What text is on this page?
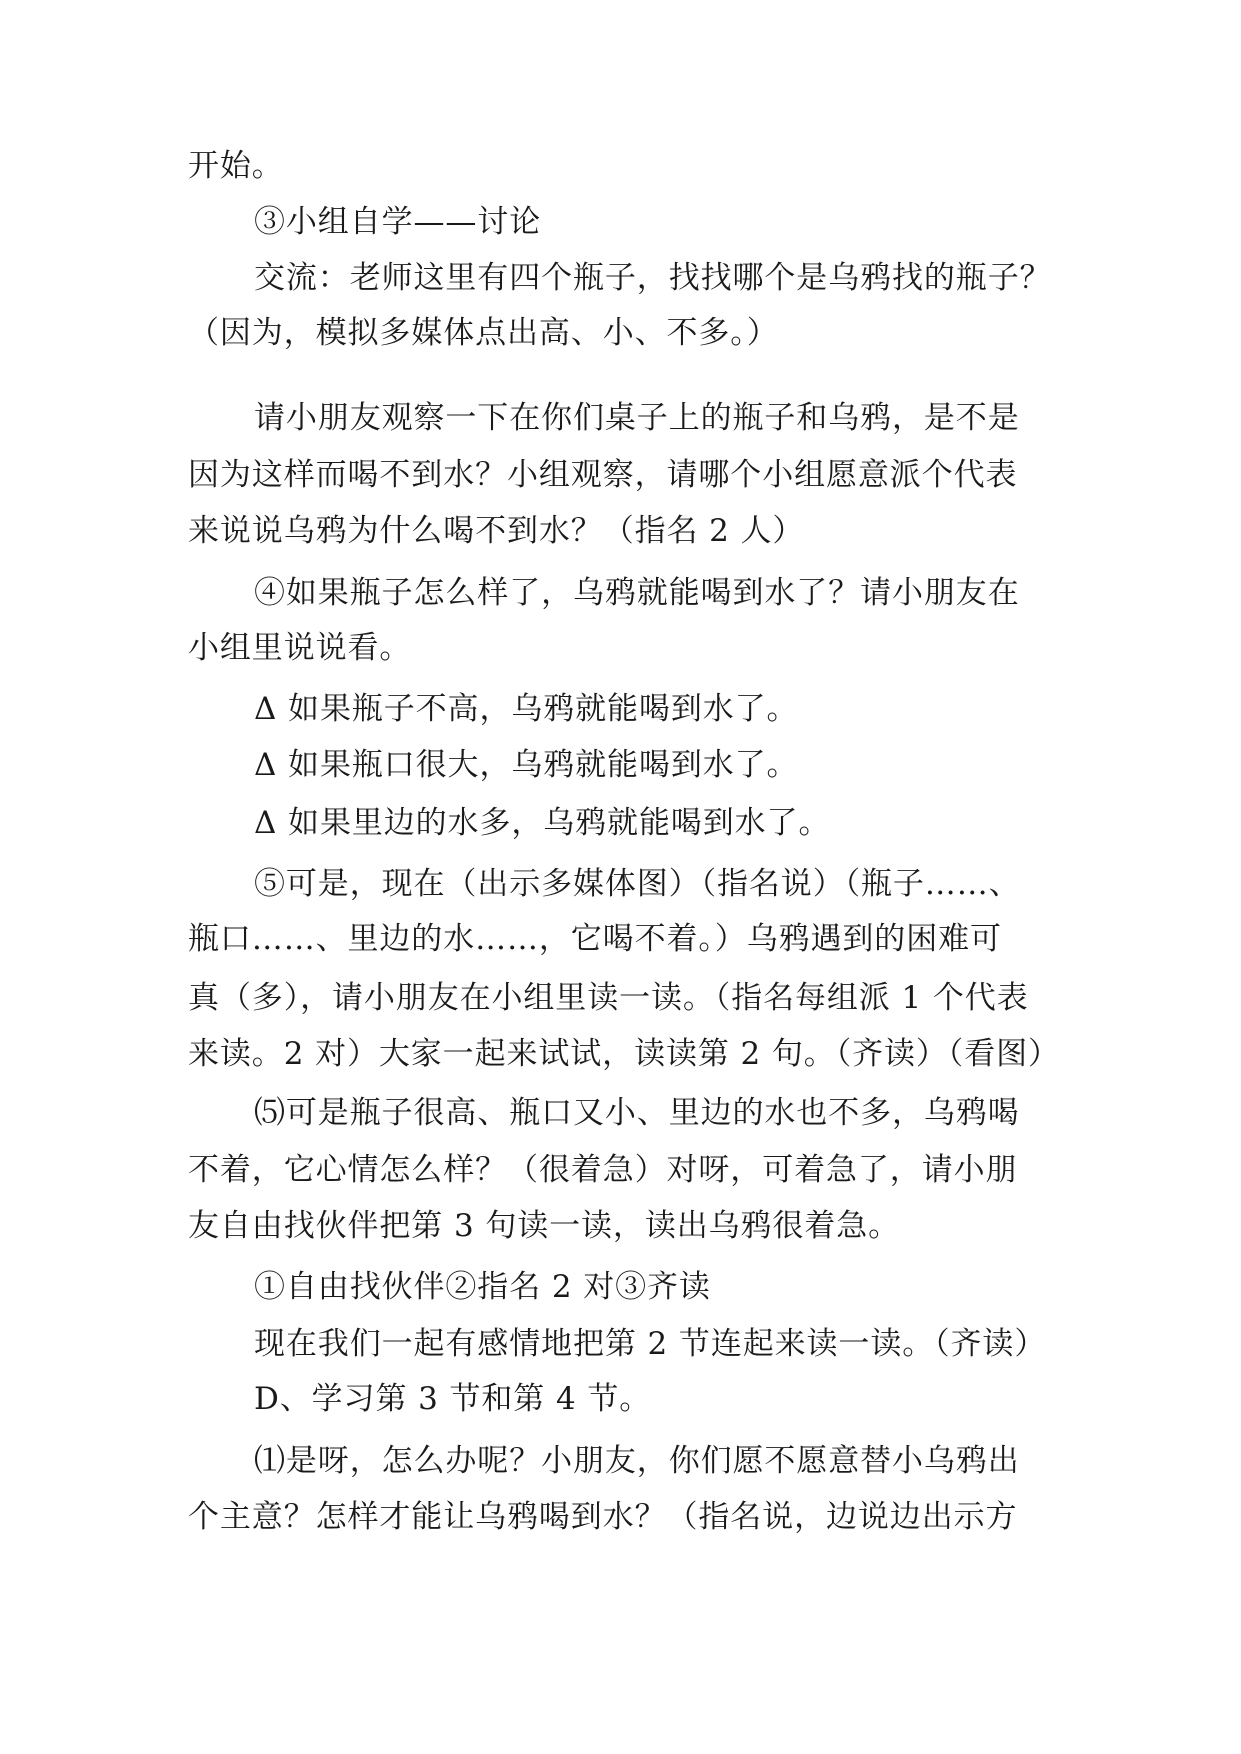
开始。
③小组自学——讨论
交流：老师这里有四个瓶子，找找哪个是乌鸦找的瓶子？
（因为，模拟多媒体点出高、小、不多。）
请小朋友观察一下在你们桌子上的瓶子和乌鸦，是不是
因为这样而喝不到水？小组观察，请哪个小组愿意派个代表
来说说乌鸦为什么喝不到水？（指名 2 人）
④如果瓶子怎么样了，乌鸦就能喝到水了？请小朋友在
小组里说说看。
Δ 如果瓶子不高，乌鸦就能喝到水了。
Δ 如果瓶口很大，乌鸦就能喝到水了。
Δ 如果里边的水多，乌鸦就能喝到水了。
⑤可是，现在（出示多媒体图）（指名说）（瓶子……、
瓶口……、里边的水……，它喝不着。）乌鸦遇到的困难可
真（多），请小朋友在小组里读一读。（指名每组派 1 个代表
来读。2 对）大家一起来试试，读读第 2 句。（齐读）（看图）
⑸可是瓶子很高、瓶口又小、里边的水也不多，乌鸦喝
不着，它心情怎么样？（很着急）对呀，可着急了，请小朋
友自由找伙伴把第 3 句读一读，读出乌鸦很着急。
①自由找伙伴②指名 2 对③齐读
现在我们一起有感情地把第 2 节连起来读一读。（齐读）
D、学习第 3 节和第 4 节。
⑴是呀，怎么办呢？小朋友，你们愿不愿意替小乌鸦出
个主意？怎样才能让乌鸦喝到水？（指名说，边说边出示方
